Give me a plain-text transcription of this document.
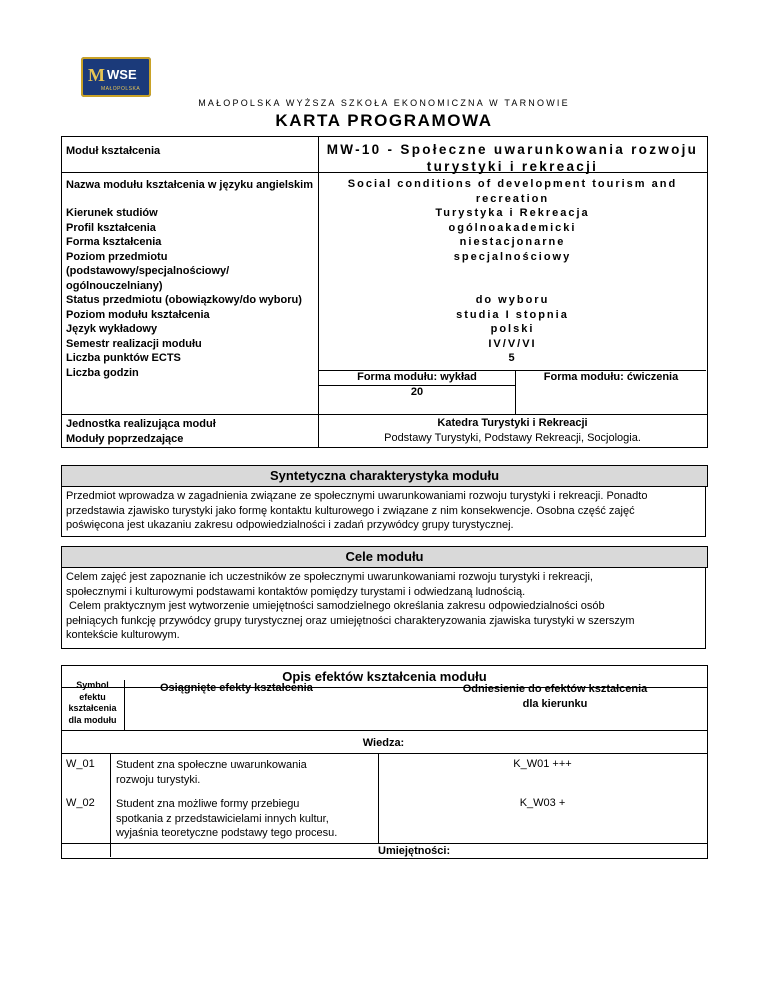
M WSE
MAŁOPOLSKA
MAŁOPOLSKA WYŻSZA SZKOŁA EKONOMICZNA W TARNOWIE
KARTA PROGRAMOWA
MW-10 - Społeczne uwarunkowania rozwoju
turystyki i rekreacji
Moduł kształcenia
Nazwa modułu kształcenia w języku angielskim
Kierunek studiów
Profil kształcenia
Forma kształcenia
Poziom przedmiotu
(podstawowy/specjalnościowy/
ogólnouczelniany)
Status przedmiotu (obowiązkowy/do wyboru)
Poziom modułu kształcenia
Język wykładowy
Semestr realizacji modułu
Liczba punktów ECTS
Liczba godzin
Jednostka realizująca moduł
Moduły poprzedzające
Social conditions of development tourism and
recreation
Turystyka i Rekreacja
ogólnoakademicki
niestacjonarne
specjalnościowy
do wyboru
studia I stopnia
polski
IV/V/VI
5
Forma modułu: wykład
20
Forma modułu: ćwiczenia
Katedra Turystyki i Rekreacji
Podstawy Turystyki, Podstawy Rekreacji, Socjologia.
Syntetyczna charakterystyka modułu
Przedmiot wprowadza w zagadnienia związane ze społecznymi uwarunkowaniami rozwoju turystyki i rekreacji. Ponadto
przedstawia zjawisko turystyki jako formę kontaktu kulturowego i związane z nim konsekwencje. Osobna część zajęć
poświęcona jest ukazaniu zakresu odpowiedzialności i zadań przywódcy grupy turystycznej.
Cele modułu
Celem zajęć jest zapoznanie ich uczestników ze społecznymi uwarunkowaniami rozwoju turystyki i rekreacji,
społecznymi i kulturowymi podstawami kontaktów pomiędzy turystami i odwiedzaną ludnością.
Celem praktycznym jest wytworzenie umiejętności samodzielnego określania zakresu odpowiedzialności osób
pełniących funkcję przywódcy grupy turystycznej oraz umiejętności charakteryzowania zjawiska turystyki w szerszym
kontekście kulturowym.
Opis efektów kształcenia modułu
Symbol
efektu
kształcenia
dla modułu
Osiągnięte efekty kształcenia	Odniesienie do efektów kształcenia
dla kierunku
Wiedza:
W_01 Student zna społeczne uwarunkowania
rozwoju turystyki.
K_W01 +++
W_02 Student zna możliwe formy przebiegu
spotkania z przedstawicielami innych kultur,
wyjaśnia teoretyczne podstawy tego procesu.
K_W03 +
Umiejętności:
